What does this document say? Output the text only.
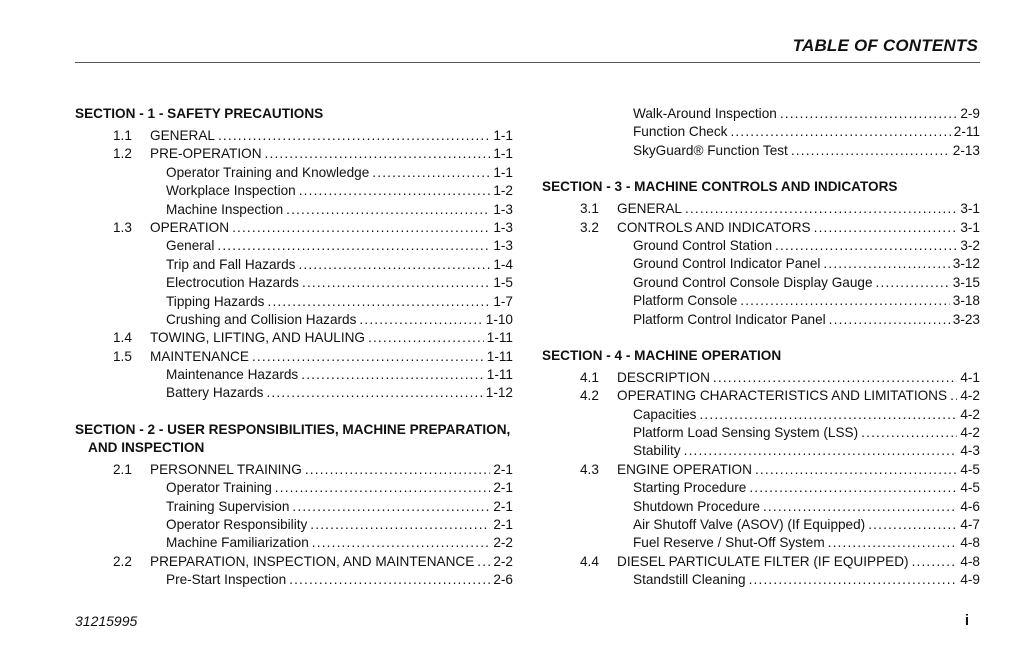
TABLE OF CONTENTS
SECTION - 1 - SAFETY PRECAUTIONS
1.1	GENERAL . . .	1-1
1.2	PRE-OPERATION . . .	1-1
Operator Training and Knowledge . . .	1-1
Workplace Inspection . . .	1-2
Machine Inspection . . .	1-3
1.3	OPERATION . . .	1-3
General . . .	1-3
Trip and Fall Hazards . . .	1-4
Electrocution Hazards . . .	1-5
Tipping Hazards . . .	1-7
Crushing and Collision Hazards . . .	1-10
1.4	TOWING, LIFTING, AND HAULING . . .	1-11
1.5	MAINTENANCE . . .	1-11
Maintenance Hazards . . .	1-11
Battery Hazards . . .	1-12
SECTION - 2 - USER RESPONSIBILITIES, MACHINE PREPARATION,
AND INSPECTION
2.1	PERSONNEL TRAINING . . .	2-1
Operator Training . . .	2-1
Training Supervision . . .	2-1
Operator Responsibility . . .	2-1
Machine Familiarization . . .	2-2
2.2	PREPARATION, INSPECTION, AND MAINTENANCE . . . 2-2
Pre-Start Inspection . . .	2-6
Walk-Around Inspection . . .	2-9
Function Check . . .	2-11
SkyGuard® Function Test . . .	2-13
SECTION - 3 - MACHINE CONTROLS AND INDICATORS
3.1	GENERAL . . .	3-1
3.2	CONTROLS AND INDICATORS . . .	3-1
Ground Control Station . . .	3-2
Ground Control Indicator Panel . . .	3-12
Ground Control Console Display Gauge . . .	3-15
Platform Console . . .	3-18
Platform Control Indicator Panel . . .	3-23
SECTION - 4 - MACHINE OPERATION
4.1	DESCRIPTION . . .	4-1
4.2	OPERATING CHARACTERISTICS AND LIMITATIONS . . . 4-2
Capacities . . .	4-2
Platform Load Sensing System (LSS) . . .	4-2
Stability . . .	4-3
4.3	ENGINE OPERATION . . .	4-5
Starting Procedure . . .	4-5
Shutdown Procedure . . .	4-6
Air Shutoff Valve (ASOV) (If Equipped) . . .	4-7
Fuel Reserve / Shut-Off System . . .	4-8
4.4	DIESEL PARTICULATE FILTER (IF EQUIPPED) . . .	4-8
Standstill Cleaning . . .	4-9
31215995	i
